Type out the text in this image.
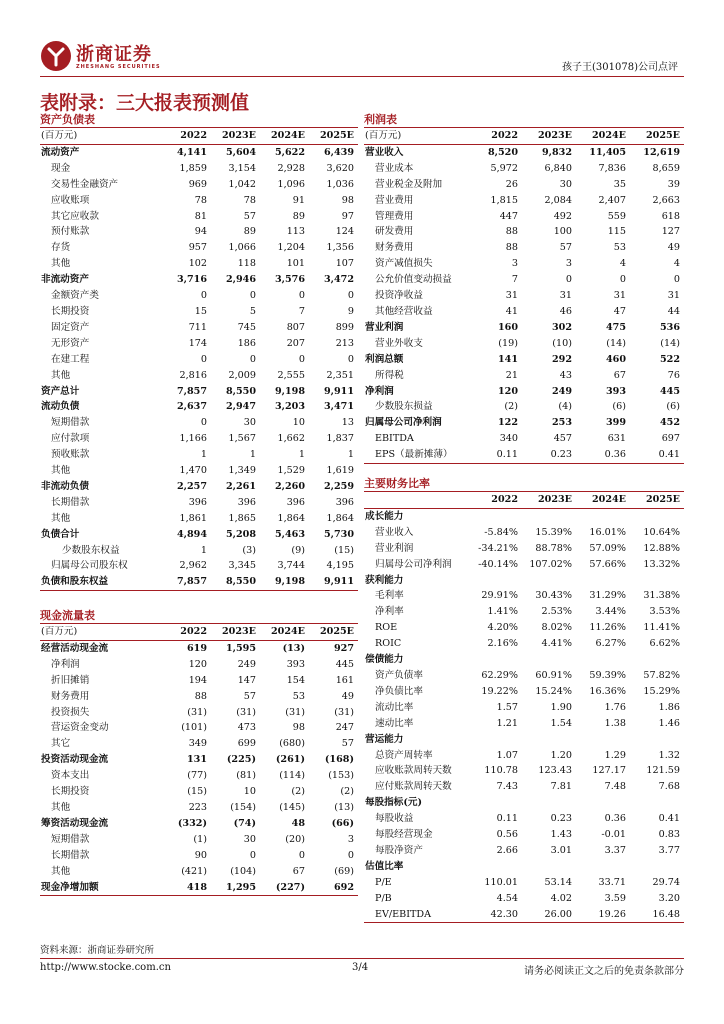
浙商证券
ZHESHANG SECURITIES	孩子王(301078)公司点评
表附录：三大报表预测值
资产负债表
(百万元)	2022	2023E	2024E	2025E
流动资产	4,141	5,604	5,622	6,439
现金	1,859	3,154	2,928	3,620
交易性金融资产	969	1,042	1,096	1,036
应收账项	78	78	91	98
其它应收款	81	57	89	97
预付账款	94	89	113	124
存货	957	1,066	1,204	1,356
其他	102	118	101	107
非流动资产	3,716	2,946	3,576	3,472
金额资产类	0	0	0	0
长期投资	15	5	7	9
固定资产	711	745	807	899
无形资产	174	186	207	213
在建工程	0	0	0	0
其他	2,816	2,009	2,555	2,351
资产总计	7,857	8,550	9,198	9,911
流动负债	2,637	2,947	3,203	3,471
短期借款	0	30	10	13
应付款项	1,166	1,567	1,662	1,837
预收账款	1	1	1	1
其他	1,470	1,349	1,529	1,619
非流动负债	2,257	2,261	2,260	2,259
长期借款	396	396	396	396
其他	1,861	1,865	1,864	1,864
负债合计	4,894	5,208	5,463	5,730
少数股东权益	1	(3)	(9)	(15)
归属母公司股东权	2,962	3,345	3,744	4,195
负债和股东权益	7,857	8,550	9,198	9,911
利润表
(百万元)	2022	2023E	2024E	2025E
营业收入	8,520	9,832	11,405	12,619
营业成本	5,972	6,840	7,836	8,659
营业税金及附加	26	30	35	39
营业费用	1,815	2,084	2,407	2,663
管理费用	447	492	559	618
研发费用	88	100	115	127
财务费用	88	57	53	49
资产减值损失	3	3	4	4
公允价值变动损益	7	0	0	0
投资净收益	31	31	31	31
其他经营收益	41	46	47	44
营业利润	160	302	475	536
营业外收支	(19)	(10)	(14)	(14)
利润总额	141	292	460	522
所得税	21	43	67	76
净利润	120	249	393	445
少数股东损益	(2)	(4)	(6)	(6)
归属母公司净利润	122	253	399	452
EBITDA	340	457	631	697
EPS（最新摊薄）	0.11	0.23	0.36	0.41
主要财务比率
	2022	2023E	2024E	2025E
成长能力				
营业收入	-5.84%	15.39%	16.01%	10.64%
营业利润	-34.21%	88.78%	57.09%	12.88%
归属母公司净利润	-40.14%	107.02%	57.66%	13.32%
获利能力				
毛利率	29.91%	30.43%	31.29%	31.38%
净利率	1.41%	2.53%	3.44%	3.53%
ROE	4.20%	8.02%	11.26%	11.41%
ROIC	2.16%	4.41%	6.27%	6.62%
偿债能力				
资产负债率	62.29%	60.91%	59.39%	57.82%
净负债比率	19.22%	15.24%	16.36%	15.29%
流动比率	1.57	1.90	1.76	1.86
速动比率	1.21	1.54	1.38	1.46
营运能力				
总资产周转率	1.07	1.20	1.29	1.32
应收账款周转天数	110.78	123.43	127.17	121.59
应付账款周转天数	7.43	7.81	7.48	7.68
每股指标(元)				
每股收益	0.11	0.23	0.36	0.41
每股经营现金	0.56	1.43	-0.01	0.83
每股净资产	2.66	3.01	3.37	3.77
估值比率				
P/E	110.01	53.14	33.71	29.74
P/B	4.54	4.02	3.59	3.20
EV/EBITDA	42.30	26.00	19.26	16.48
现金流量表
(百万元)	2022	2023E	2024E	2025E
经营活动现金流	619	1,595	(13)	927
净利润	120	249	393	445
折旧摊销	194	147	154	161
财务费用	88	57	53	49
投资损失	(31)	(31)	(31)	(31)
营运资金变动	(101)	473	98	247
其它	349	699	(680)	57
投资活动现金流	131	(225)	(261)	(168)
资本支出	(77)	(81)	(114)	(153)
长期投资	(15)	10	(2)	(2)
其他	223	(154)	(145)	(13)
筹资活动现金流	(332)	(74)	48	(66)
短期借款	(1)	30	(20)	3
长期借款	90	0	0	0
其他	(421)	(104)	67	(69)
现金净增加额	418	1,295	(227)	692
资料来源：浙商证券研究所
http://www.stocke.com.cn	3/4	请务必阅读正文之后的免责条款部分
